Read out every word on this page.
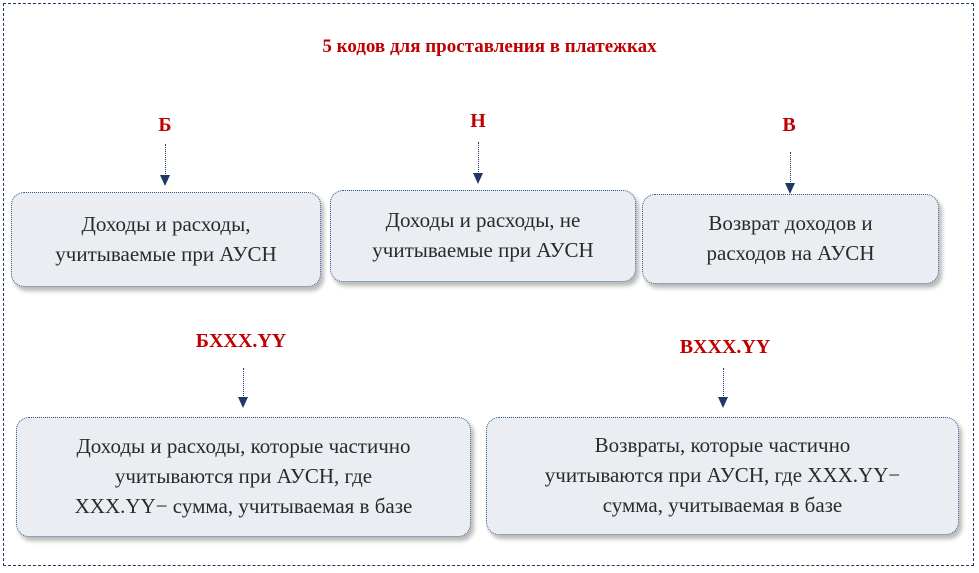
5 кодов для проставления в платежках
Б
Доходы и расходы,
учитываемые при АУСН
Н
Доходы и расходы, не
учитываемые при АУСН
В
Возврат доходов и
расходов на АУСН
БXXX.YY
Доходы и расходы, которые частично
учитываются при АУСН, где
XXX.YY− сумма, учитываемая в базе
ВXXX.YY
Возвраты, которые частично
учитываются при АУСН, где XXX.YY−
сумма, учитываемая в базе
